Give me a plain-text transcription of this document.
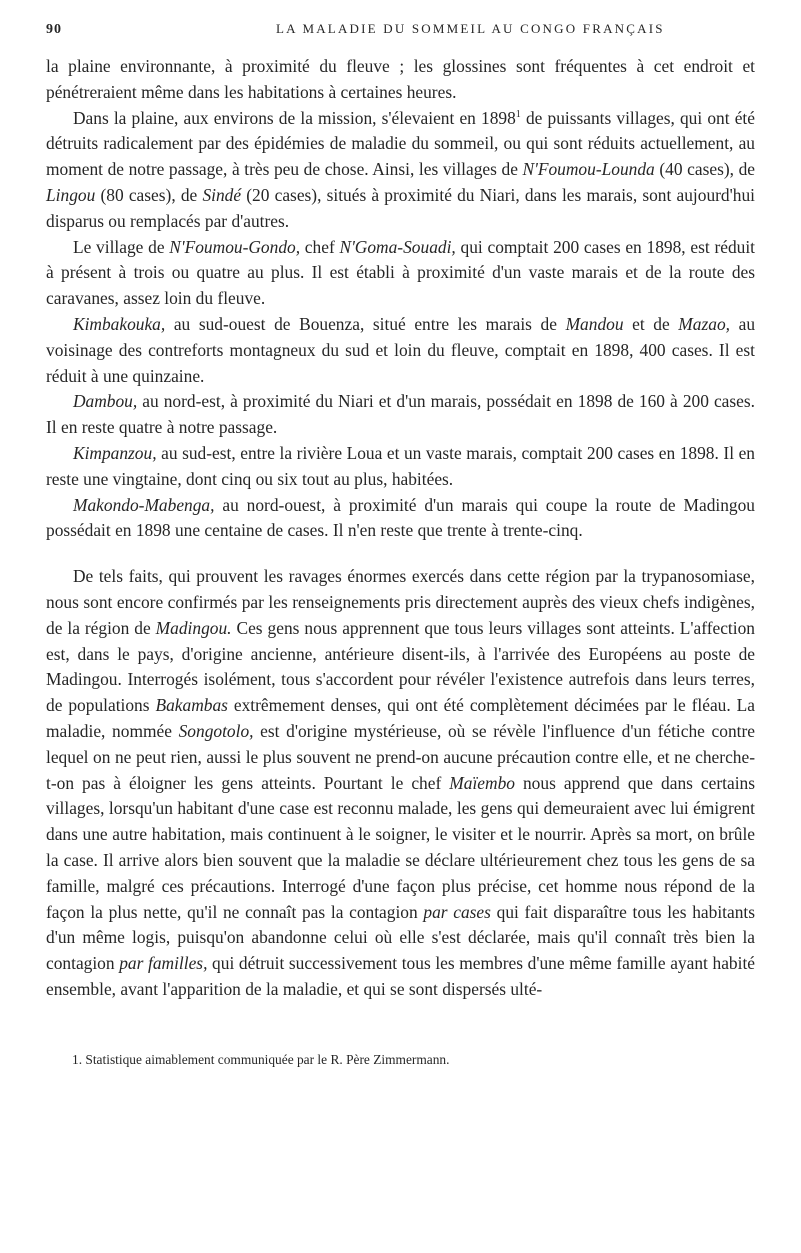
90	LA MALADIE DU SOMMEIL AU CONGO FRANÇAIS

la plaine environnante, à proximité du fleuve ; les glossines sont fréquentes à cet endroit et pénétreraient même dans les habitations à certaines heures.

Dans la plaine, aux environs de la mission, s'élevaient en 1898$^1$ de puissants villages, qui ont été détruits radicalement par des épidémies de maladie du sommeil, ou qui sont réduits actuellement, au moment de notre passage, à très peu de chose. Ainsi, les villages de N'Foumou-Lounda (40 cases), de Lingou (80 cases), de Sindé (20 cases), situés à proximité du Niari, dans les marais, sont aujourd'hui disparus ou remplacés par d'autres.

Le village de N'Foumou-Gondo, chef N'Goma-Souadi, qui comptait 200 cases en 1898, est réduit à présent à trois ou quatre au plus. Il est établi à proximité d'un vaste marais et de la route des caravanes, assez loin du fleuve.

Kimbakouka, au sud-ouest de Bouenza, situé entre les marais de Mandou et de Mazao, au voisinage des contreforts montagneux du sud et loin du fleuve, comptait en 1898, 400 cases. Il est réduit à une quinzaine.

Dambou, au nord-est, à proximité du Niari et d'un marais, possédait en 1898 de 160 à 200 cases. Il en reste quatre à notre passage.

Kimpanzou, au sud-est, entre la rivière Loua et un vaste marais, comptait 200 cases en 1898. Il en reste une vingtaine, dont cinq ou six tout au plus, habitées.

Makondo-Mabenga, au nord-ouest, à proximité d'un marais qui coupe la route de Madingou possédait en 1898 une centaine de cases. Il n'en reste que trente à trente-cinq.

De tels faits, qui prouvent les ravages énormes exercés dans cette région par la trypanosomiase, nous sont encore confirmés par les renseignements pris directement auprès des vieux chefs indigènes, de la région de Madingou. Ces gens nous apprennent que tous leurs villages sont atteints. L'affection est, dans le pays, d'origine ancienne, antérieure disent-ils, à l'arrivée des Européens au poste de Madingou. Interrogés isolément, tous s'accordent pour révéler l'existence autrefois dans leurs terres, de populations Bakambas extrêmement denses, qui ont été complètement décimées par le fléau. La maladie, nommée Songotolo, est d'origine mystérieuse, où se révèle l'influence d'un fétiche contre lequel on ne peut rien, aussi le plus souvent ne prend-on aucune précaution contre elle, et ne cherche-t-on pas à éloigner les gens atteints. Pourtant le chef Maïembo nous apprend que dans certains villages, lorsqu'un habitant d'une case est reconnu malade, les gens qui demeuraient avec lui émigrent dans une autre habitation, mais continuent à le soigner, le visiter et le nourrir. Après sa mort, on brûle la case. Il arrive alors bien souvent que la maladie se déclare ultérieurement chez tous les gens de sa famille, malgré ces précautions. Interrogé d'une façon plus précise, cet homme nous répond de la façon la plus nette, qu'il ne connaît pas la contagion par cases qui fait disparaître tous les habitants d'un même logis, puisqu'on abandonne celui où elle s'est déclarée, mais qu'il connaît très bien la contagion par familles, qui détruit successivement tous les membres d'une même famille ayant habité ensemble, avant l'apparition de la maladie, et qui se sont dispersés ulté-

1. Statistique aimablement communiquée par le R. Père Zimmermann.
